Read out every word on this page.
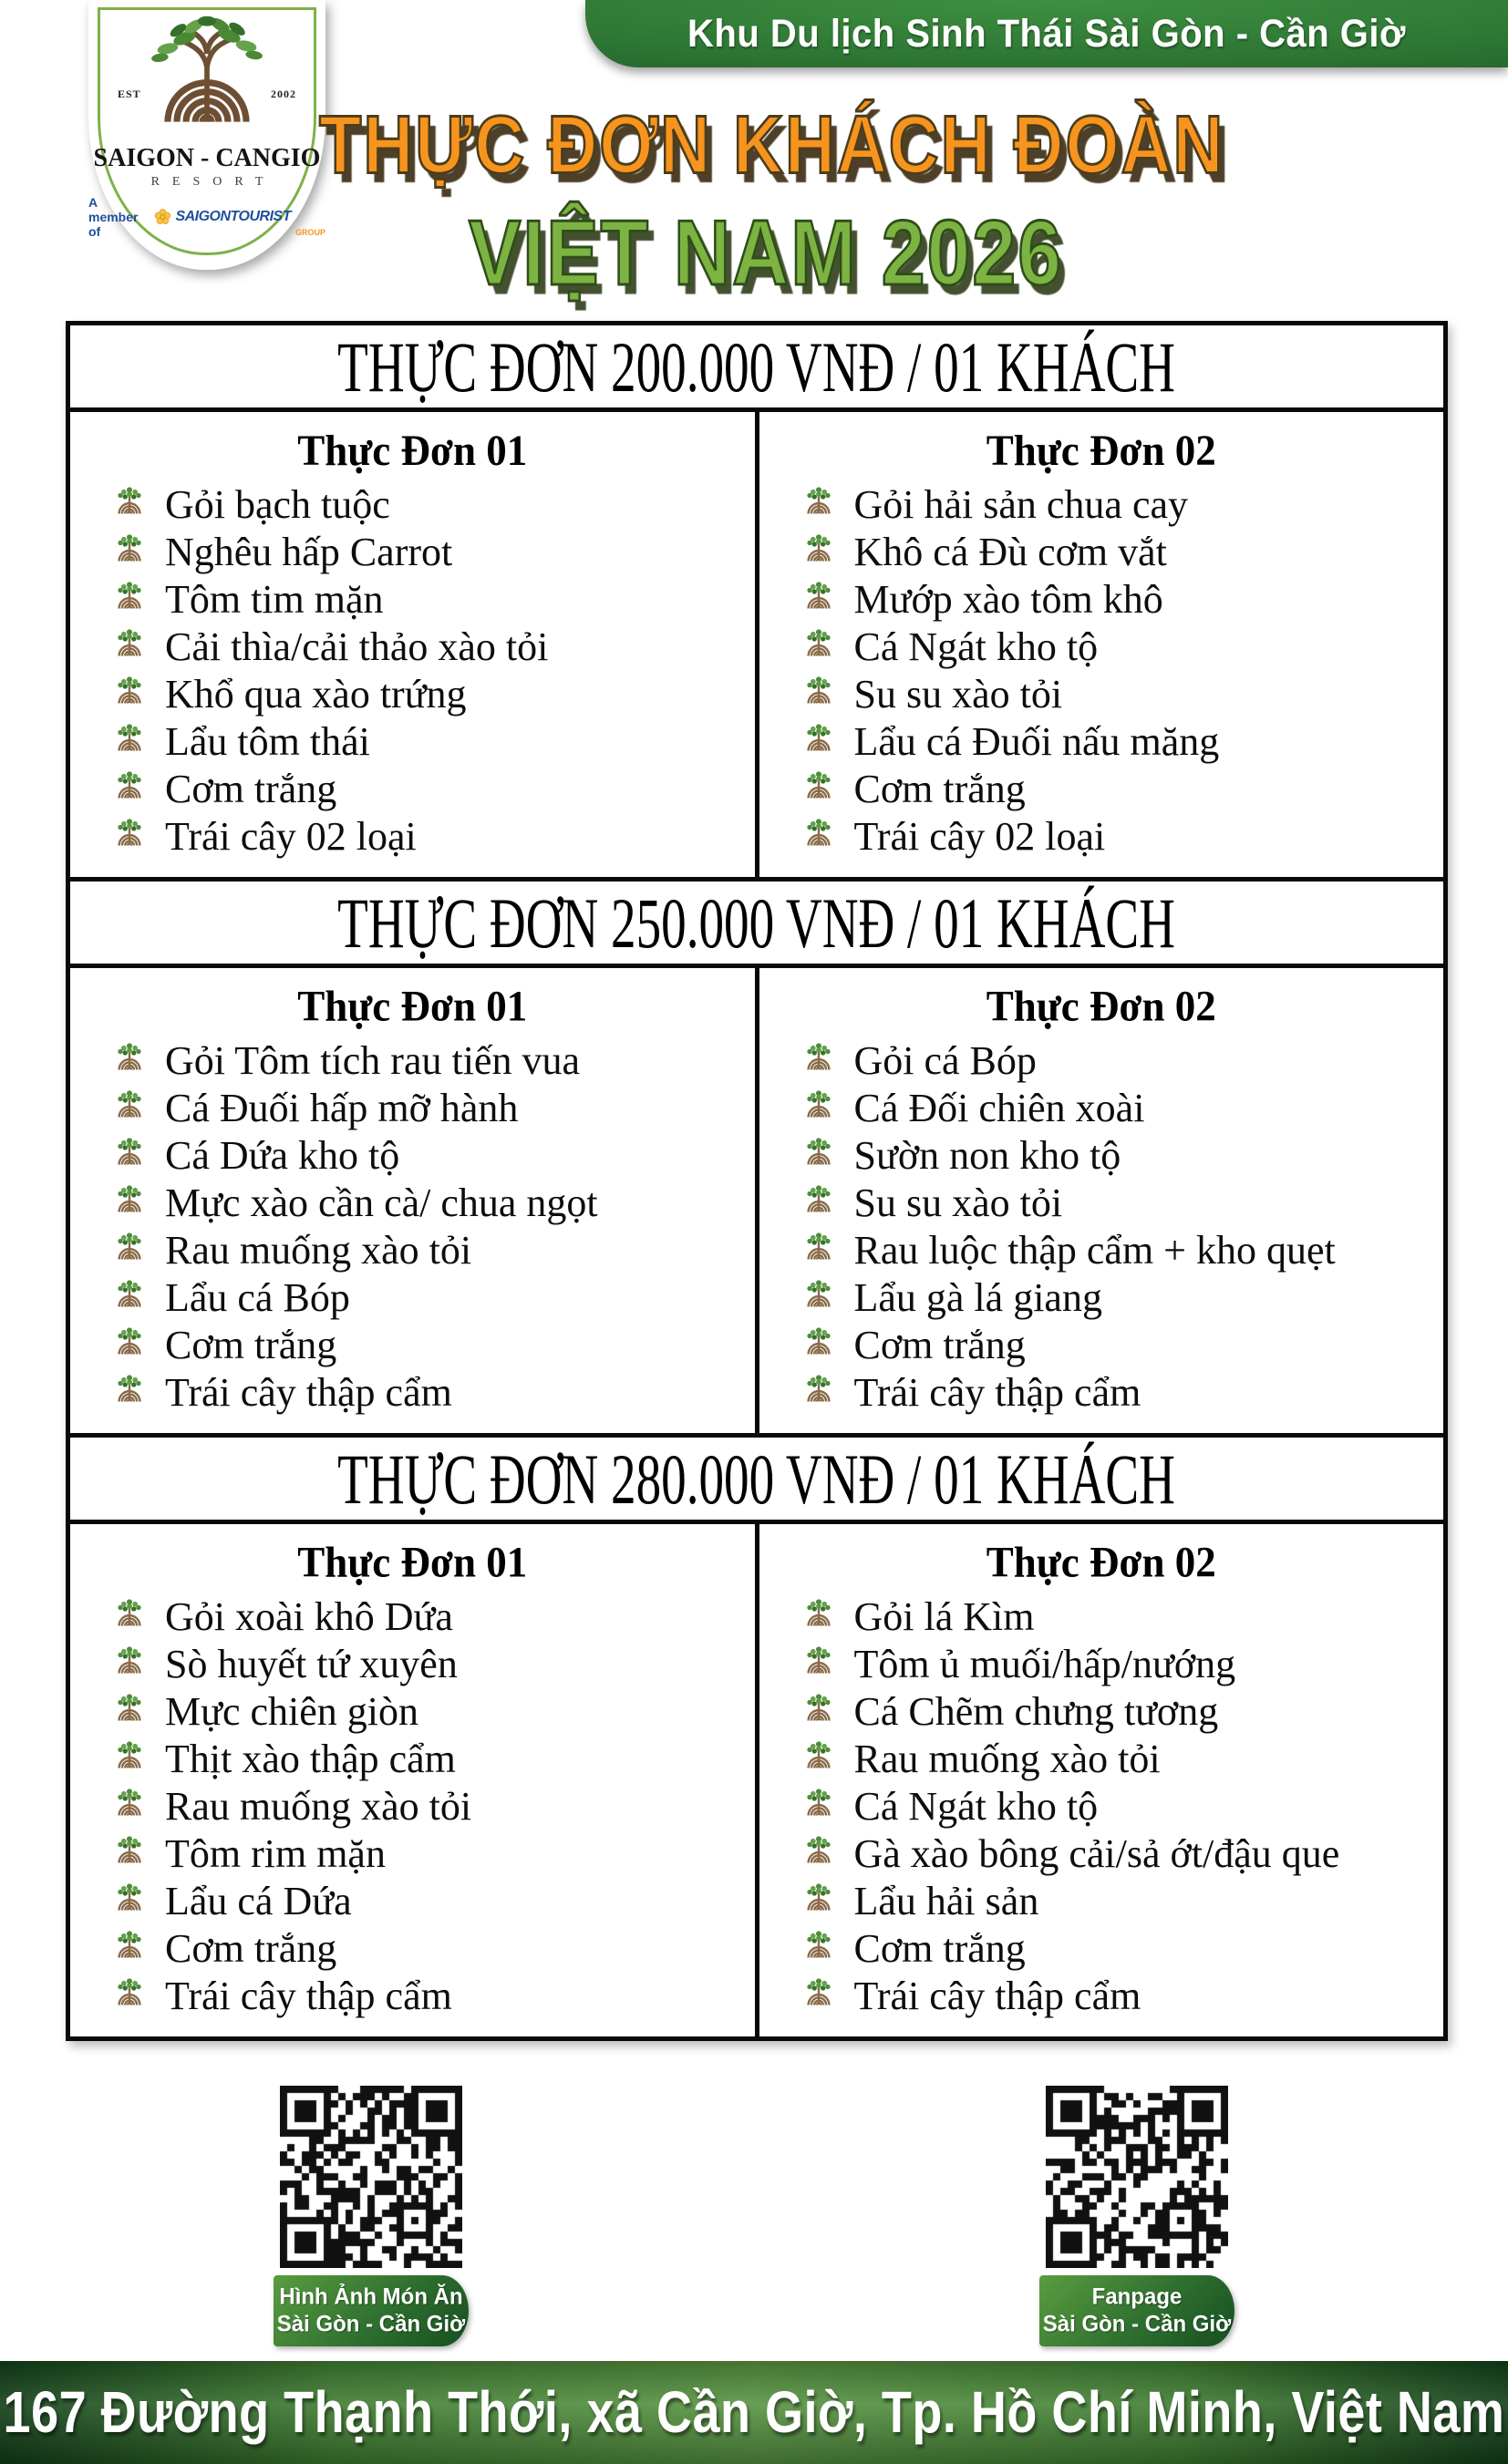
Khu Du lịch Sinh Thái Sài Gòn - Cần Giờ
EST	2002
SAIGON - CANGIO
RESORT
A member of
SAIGONTOURIST
GROUP
THỰC ĐƠN KHÁCH ĐOÀN
VIỆT NAM 2026
THỰC ĐƠN 200.000 VNĐ / 01 KHÁCH
Thực Đơn 01
Gỏi bạch tuộc
Nghêu hấp Carrot
Tôm tim mặn
Cải thìa/cải thảo xào tỏi
Khổ qua xào trứng
Lẩu tôm thái
Cơm trắng
Trái cây 02 loại
Thực Đơn 02
Gỏi hải sản chua cay
Khô cá Đù cơm vắt
Mướp xào tôm khô
Cá Ngát kho tộ
Su su xào tỏi
Lẩu cá Đuối nấu măng
Cơm trắng
Trái cây 02 loại
THỰC ĐƠN 250.000 VNĐ / 01 KHÁCH
Thực Đơn 01
Gỏi Tôm tích rau tiến vua
Cá Đuối hấp mỡ hành
Cá Dứa kho tộ
Mực xào cần cà/ chua ngọt
Rau muống xào tỏi
Lẩu cá Bóp
Cơm trắng
Trái cây thập cẩm
Thực Đơn 02
Gỏi cá Bóp
Cá Đối chiên xoài
Sườn non kho tộ
Su su xào tỏi
Rau luộc thập cẩm + kho quẹt
Lẩu gà lá giang
Cơm trắng
Trái cây thập cẩm
THỰC ĐƠN 280.000 VNĐ / 01 KHÁCH
Thực Đơn 01
Gỏi xoài khô Dứa
Sò huyết tứ xuyên
Mực chiên giòn
Thịt xào thập cẩm
Rau muống xào tỏi
Tôm rim mặn
Lẩu cá Dứa
Cơm trắng
Trái cây thập cẩm
Thực Đơn 02
Gỏi lá Kìm
Tôm ủ muối/hấp/nướng
Cá Chẽm chưng tương
Rau muống xào tỏi
Cá Ngát kho tộ
Gà xào bông cải/sả ớt/đậu que
Lẩu hải sản
Cơm trắng
Trái cây thập cẩm
Hình Ảnh Món Ăn
Sài Gòn - Cần Giờ
Fanpage
Sài Gòn - Cần Giờ
167 Đường Thạnh Thới, xã Cần Giờ, Tp. Hồ Chí Minh, Việt Nam
